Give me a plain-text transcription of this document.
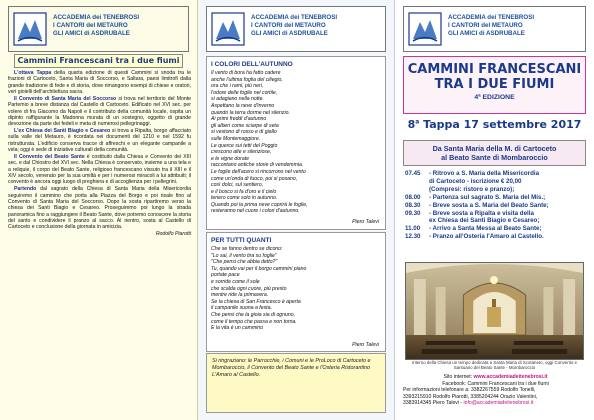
ACCADEMIA dei TENEBROSI
I CANTORI del METAURO
GLI AMICI di ASDRUBALE
Cammini Francescani tra i due fiumi

L'ottava Tappa della quarta edizione di questi Cammini si snoda tra le frazioni di Cartoceto, Santa Maria di Soccorso, e Saltara, paesi limitrofi dalla grande tradizione di fede e di storia, dove rimangono esempi di chiese e oratori, veri gioielli dell'architettura sacra.

Il Convento di Santa Maria del Soccorso si trova nel territorio del Monte Partemio a breve distanza dal Castello di Cartoceto. Edificato nel XVI sec. per volere di fra Giacomo da Napoli e il contributo della comunità locale, ospita un dipinto raffigurante la Madonna murata di un sostegno, oggetto di grande devozione da parte dei fedeli e meta di numerosi pellegrinaggi.

L'ex Chiesa dei Santi Biagio e Cesareo si trova a Ripalta, borgo affacciato sulla valle del Metauro, è ricordata nei documenti del 1210 e nel 1592 fu ristrutturata. L'edificio conserva tracce di affreschi e un elegante campanile a vela; oggi è sede di iniziative culturali della comunità.

Il Convento del Beato Sante è costituito dalla Chiesa e Convento dei XIII sec. e dal Chiostro del XVI sec. Nella Chiesa è conservato, insieme a una tela e a reliquie, il corpo del Beato Sante, religioso francescano vissuto tra il XIII e il XIV secolo, venerato per la sua umiltà e per i numerosi miracoli a lui attribuiti; il convento è ancora oggi luogo di preghiera e di accoglienza per i pellegrini.

Partendo dal sagrato della Chiesa di Santa Maria della Misericordia seguiremo il cammino che porta alla Piazza del Borgo e poi risale fino al Convento di Santa Maria del Soccorso. Dopo la sosta ripartiremo verso la chiesa dei Santi Biagio e Cesareo. Proseguiremo poi lungo la strada panoramica fino a raggiungere il Beato Sante, dove potremo conoscere la storia del santo e condividere il pranzo al sacco. Al rientro, sosta al Castello di Cartoceto e conclusione della giornata in amicizia.

Rodolfo Piarotti
ACCADEMIA dei TENEBROSI
I CANTORI del METAURO
GLI AMICI di ASDRUBALE
I COLORI DELL'AUTUNNO
Il vento di bora ha fatto cadere
anche l'ultima foglia del ciliegio,
ora che i rami, più neri,
l'odore delle foglie nel cortile,
si adagiano nella notte.
Aspettano la neve d'inverno
quando la terra dorme nel silenzio.
Ai primi freddi d'autunno
gli alberi come sciarpe di seta
si vestono di rosso e di giallo
sulle Montemaggiore.
Le querce sui tetti del Poggio
crescono alte e silenziose,
e le vigne dorate
raccontano antiche storie di vendemmia.
Le foglie dell'acero si rincorrono nel vento
come un'onda di fuoco, poi si posano,
così dolci, sul sentiero,
e il bosco si fa d'oro e il cielo
tenero come solo in autunno.
Quando poi la prima neve coprirà le foglie,
resteranno nel cuore i colori d'autunno.
Piero Talevi
PER TUTTI QUANTI
Che se fanno dentro se dicono:
"Lo sai, il vento tira su foglie"
"Che pensi che abbia detto?"
Tu, quando vai per il borgo cammini piano
portate pace
e sorride come il sole
che scalda ogni cuore, più presto
mentre ride la primavera.
Se la chiesa di San Francesco è aperta
il campanile suona a festa.
Che pensi che la gioia sia di ognuno,
come il tempo che passa e non torna.
E la vita è un cammino
Piero Talevi
Si ringraziano: le Parrocchie, i Comuni e le ProLoco di Cartoceto e Mombaroccio, il Convento del Beato Sante e l'Osteria Ristorantino L'Amaro al Castello.
ACCADEMIA dei TENEBROSI
I CANTORI del METAURO
GLI AMICI di ASDRUBALE
CAMMINI FRANCESCANI
TRA I DUE FIUMI
4ª EDIZIONE
8$^a$ Tappa 17 settembre 2017
Da Santa Maria della M. di Cartoceto
al Beato Sante di Mombaroccio
07.45 - Ritrovo a S. Maria della Misericordia
di Cartoceto - iscrizione € 20,00
(Compresi: ristoro e pranzo);
08.00 - Partenza sul sagrato S. Maria del Mis.;
08.30 - Breve sosta a S. Maria del Beato Sante;
09.30 - Breve sosta a Ripalta e visita della
ex Chiesa dei Santi Biagio e Cesareo;
11.00 - Arrivo a Santa Messa al Beato Sante;
12.30 - Pranzo all'Osteria l'Amaro al Castello.
Interno della Chiesa un tempo dedicata a Santa Maria di Scotaneto, oggi Convento e Santuario del Beato Sante - Mombaroccio
Sito internet: www.accademiadeitenebrosi.it
Facebook: Cammini Francescani tra i due fiumi
Per informazioni telefonare a: 3382267559 Rodolfo Tonelli,
3393215910 Rodolfo Piarotti, 3385204244 Orazio Valentini,
3383914345 Piero Talevi - info@accademiadeitenebrosi.it
